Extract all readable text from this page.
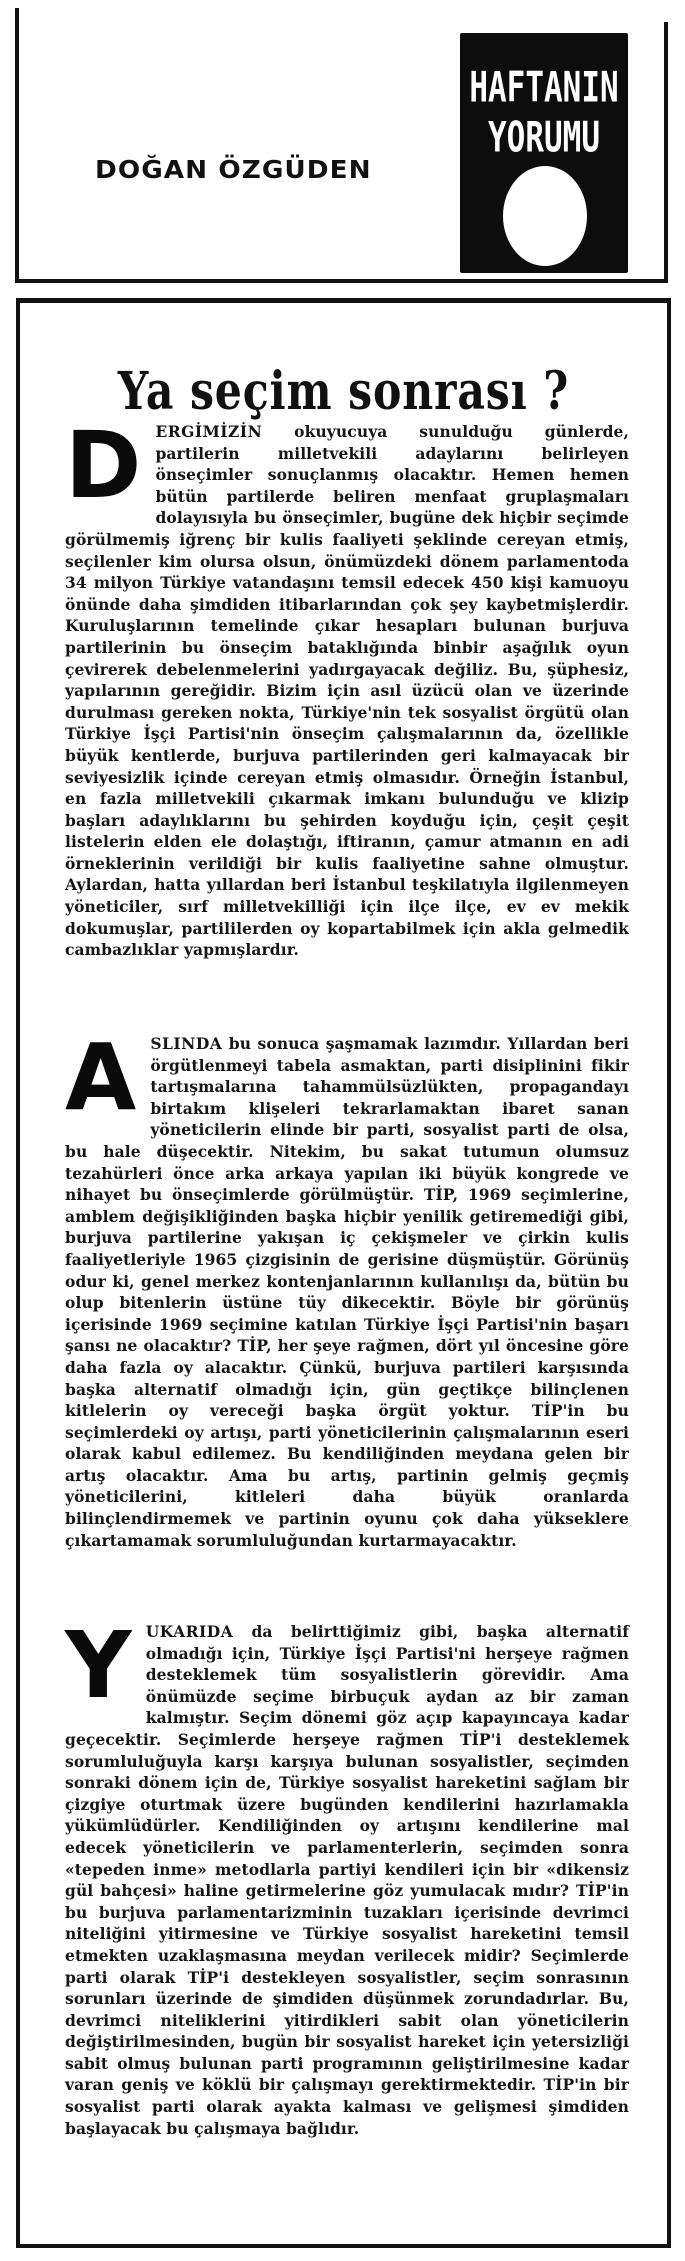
DOĞAN ÖZGÜDEN
HAFTANIN
YORUMU
Ya seçim sonrası ?

D ERGİMİZİN okuyucuya sunulduğu günlerde, partilerin milletvekili adaylarını belirleyen önseçimler sonuçlanmış olacaktır. Hemen hemen bütün partilerde beliren menfaat gruplaşmaları dolayısıyla bu önseçimler, bugüne dek hiçbir seçimde görülmemiş iğrenç bir kulis faaliyeti şeklinde cereyan etmiş, seçilenler kim olursa olsun, önümüzdeki dönem parlamentoda 34 milyon Türkiye vatandaşını temsil edecek 450 kişi kamuoyu önünde daha şimdiden itibarlarından çok şey kaybetmişlerdir. Kuruluşlarının temelinde çıkar hesapları bulunan burjuva partilerinin bu önseçim bataklığında binbir aşağılık oyun çevirerek debelenmelerini yadırgayacak değiliz. Bu, şüphesiz, yapılarının gereğidir. Bizim için asıl üzücü olan ve üzerinde durulması gereken nokta, Türkiye'nin tek sosyalist örgütü olan Türkiye İşçi Partisi'nin önseçim çalışmalarının da, özellikle büyük kentlerde, burjuva partilerinden geri kalmayacak bir seviyesizlik içinde cereyan etmiş olmasıdır. Örneğin İstanbul, en fazla milletvekili çıkarmak imkanı bulunduğu ve klizip başları adaylıklarını bu şehirden koyduğu için, çeşit çeşit listelerin elden ele dolaştığı, iftiranın, çamur atmanın en adi örneklerinin verildiği bir kulis faaliyetine sahne olmuştur. Aylardan, hatta yıllardan beri İstanbul teşkilatıyla ilgilenmeyen yöneticiler, sırf milletvekilliği için ilçe ilçe, ev ev mekik dokumuşlar, partililerden oy kopartabilmek için akla gelmedik cambazlıklar yapmışlardır.

A SLINDA bu sonuca şaşmamak lazımdır. Yıllardan beri örgütlenmeyi tabela asmaktan, parti disiplinini fikir tartışmalarına tahammülsüzlükten, propagandayı birtakım klişeleri tekrarlamaktan ibaret sanan yöneticilerin elinde bir parti, sosyalist parti de olsa, bu hale düşecektir. Nitekim, bu sakat tutumun olumsuz tezahürleri önce arka arkaya yapılan iki büyük kongrede ve nihayet bu önseçimlerde görülmüştür. TİP, 1969 seçimlerine, amblem değişikliğinden başka hiçbir yenilik getiremediği gibi, burjuva partilerine yakışan iç çekişmeler ve çirkin kulis faaliyetleriyle 1965 çizgisinin de gerisine düşmüştür. Görünüş odur ki, genel merkez kontenjanlarının kullanılışı da, bütün bu olup bitenlerin üstüne tüy dikecektir. Böyle bir görünüş içerisinde 1969 seçimine katılan Türkiye İşçi Partisi'nin başarı şansı ne olacaktır? TİP, her şeye rağmen, dört yıl öncesine göre daha fazla oy alacaktır. Çünkü, burjuva partileri karşısında başka alternatif olmadığı için, gün geçtikçe bilinçlenen kitlelerin oy vereceği başka örgüt yoktur. TİP'in bu seçimlerdeki oy artışı, parti yöneticilerinin çalışmalarının eseri olarak kabul edilemez. Bu kendiliğinden meydana gelen bir artış olacaktır. Ama bu artış, partinin gelmiş geçmiş yöneticilerini, kitleleri daha büyük oranlarda bilinçlendirmemek ve partinin oyunu çok daha yükseklere çıkartamamak sorumluluğundan kurtarmayacaktır.

Y UKARIDA da belirttiğimiz gibi, başka alternatif olmadığı için, Türkiye İşçi Partisi'ni herşeye rağmen desteklemek tüm sosyalistlerin görevidir. Ama önümüzde seçime birbuçuk aydan az bir zaman kalmıştır. Seçim dönemi göz açıp kapayıncaya kadar geçecektir. Seçimlerde herşeye rağmen TİP'i desteklemek sorumluluğuyla karşı karşıya bulunan sosyalistler, seçimden sonraki dönem için de, Türkiye sosyalist hareketini sağlam bir çizgiye oturtmak üzere bugünden kendilerini hazırlamakla yükümlüdürler. Kendiliğinden oy artışını kendilerine mal edecek yöneticilerin ve parlamenterlerin, seçimden sonra «tepeden inme» metodlarla partiyi kendileri için bir «dikensiz gül bahçesi» haline getirmelerine göz yumulacak mıdır? TİP'in bu burjuva parlamentarizminin tuzakları içerisinde devrimci niteliğini yitirmesine ve Türkiye sosyalist hareketini temsil etmekten uzaklaşmasına meydan verilecek midir? Seçimlerde parti olarak TİP'i destekleyen sosyalistler, seçim sonrasının sorunları üzerinde de şimdiden düşünmek zorundadırlar. Bu, devrimci niteliklerini yitirdikleri sabit olan yöneticilerin değiştirilmesinden, bugün bir sosyalist hareket için yetersizliği sabit olmuş bulunan parti programının geliştirilmesine kadar varan geniş ve köklü bir çalışmayı gerektirmektedir. TİP'in bir sosyalist parti olarak ayakta kalması ve gelişmesi şimdiden başlayacak bu çalışmaya bağlıdır.
